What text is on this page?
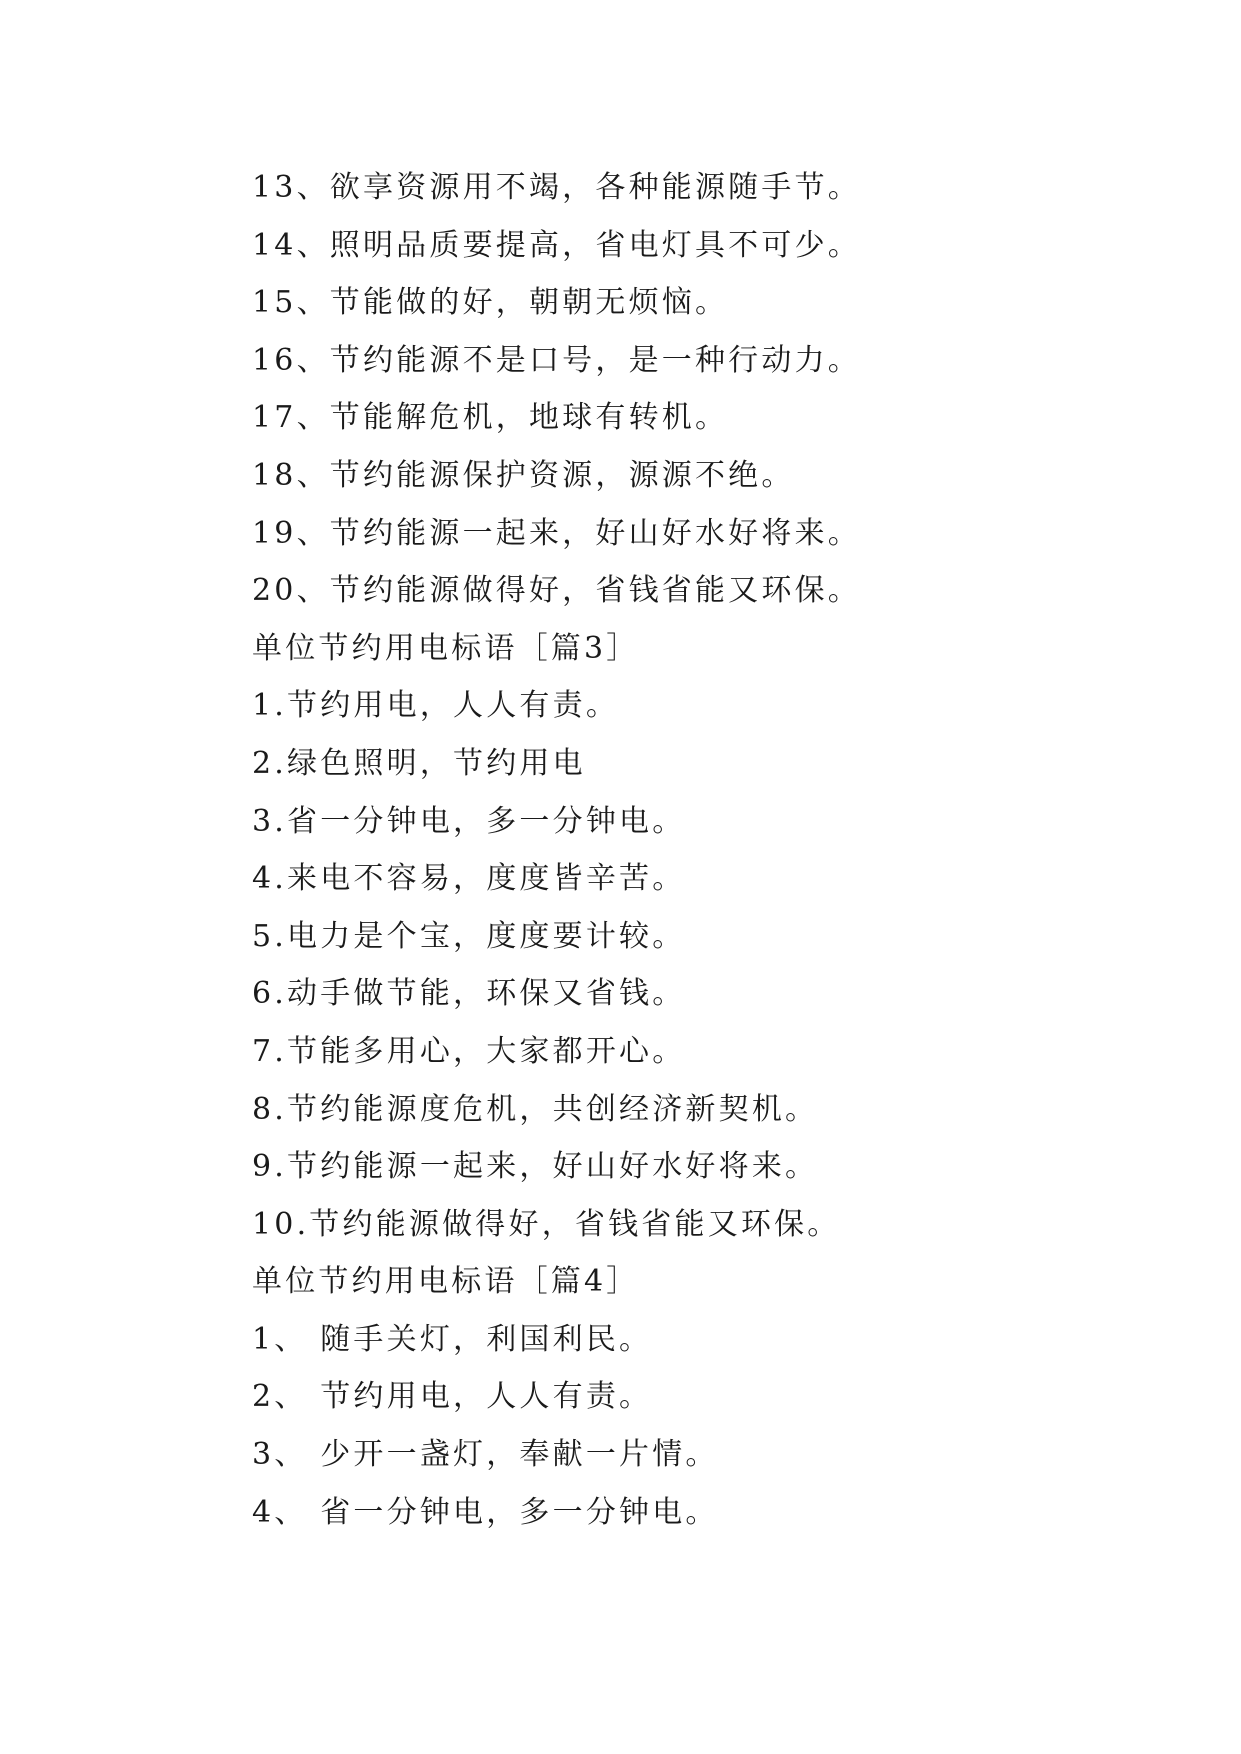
13、欲享资源用不竭，各种能源随手节。
14、照明品质要提高，省电灯具不可少。
15、节能做的好，朝朝无烦恼。
16、节约能源不是口号，是一种行动力。
17、节能解危机，地球有转机。
18、节约能源保护资源，源源不绝。
19、节约能源一起来，好山好水好将来。
20、节约能源做得好，省钱省能又环保。
单位节约用电标语［篇3］
1.节约用电，人人有责。
2.绿色照明，节约用电
3.省一分钟电，多一分钟电。
4.来电不容易，度度皆辛苦。
5.电力是个宝，度度要计较。
6.动手做节能，环保又省钱。
7.节能多用心，大家都开心。
8.节约能源度危机，共创经济新契机。
9.节约能源一起来，好山好水好将来。
10.节约能源做得好，省钱省能又环保。
单位节约用电标语［篇4］
1、 随手关灯，利国利民。
2、 节约用电，人人有责。
3、 少开一盏灯，奉献一片情。
4、 省一分钟电，多一分钟电。
